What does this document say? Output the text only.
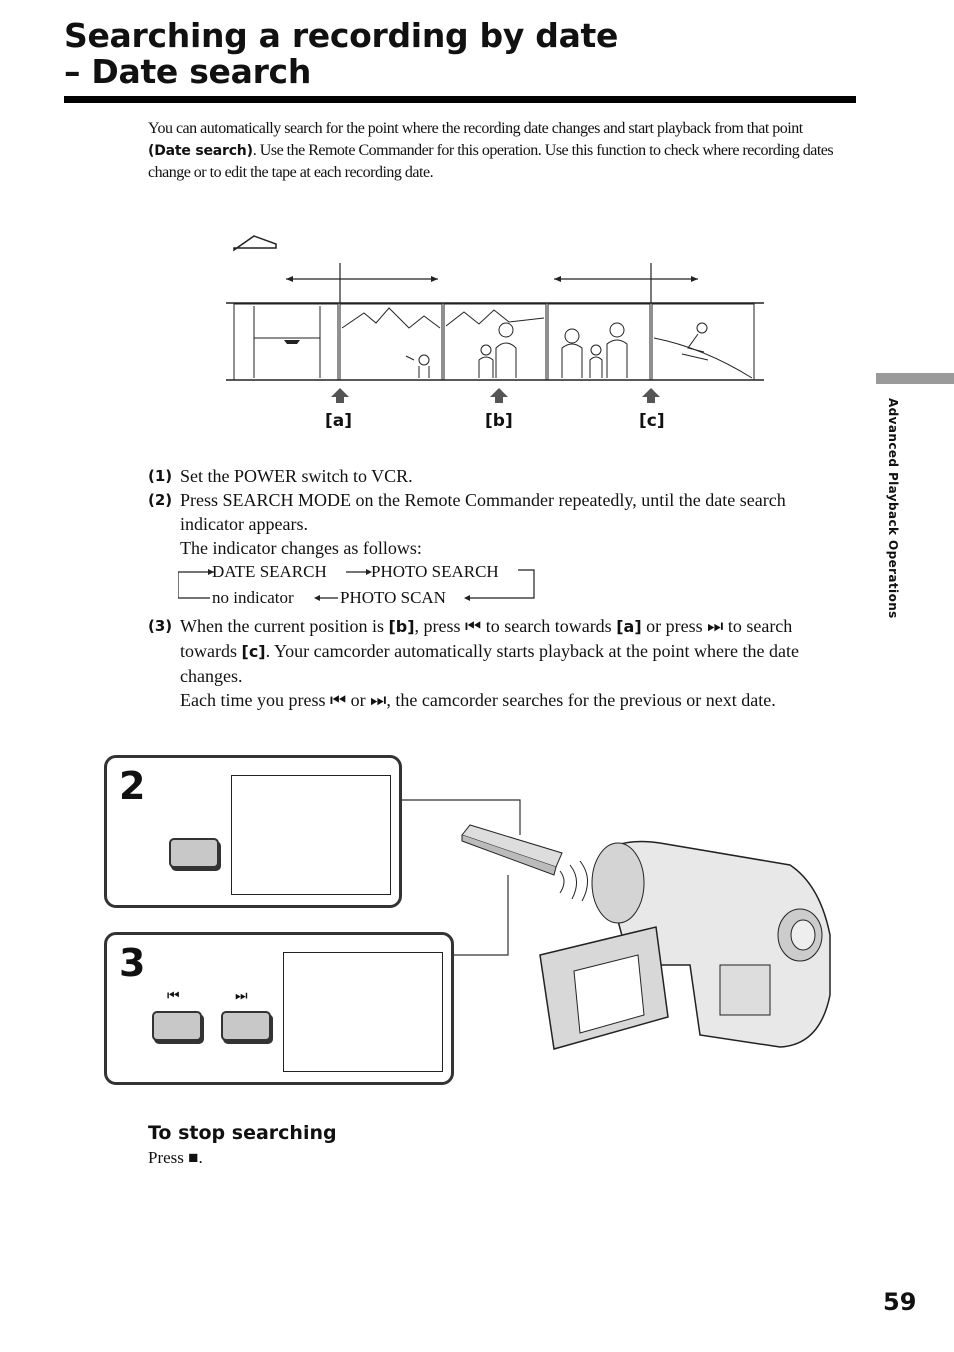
Searching a recording by date
– Date search

You can automatically search for the point where the recording date changes and start playback from that point (Date search). Use the Remote Commander for this operation. Use this function to check where recording dates change or to edit the tape at each recording date.

[a]	[b]	[c]
(1) Set the POWER switch to VCR.
(2) Press SEARCH MODE on the Remote Commander repeatedly, until the date search indicator appears.
The indicator changes as follows:
DATE SEARCH	PHOTO SEARCH
no indicator	PHOTO SCAN
(3) When the current position is [b], press ⏮ to search towards [a] or press ⏭ to search towards [c]. Your camcorder automatically starts playback at the point where the date changes.
Each time you press ⏮ or ⏭, the camcorder searches for the previous or next date.
2
3
⏮	⏭
To stop searching
Press ■.
Advanced Playback Operations
59
